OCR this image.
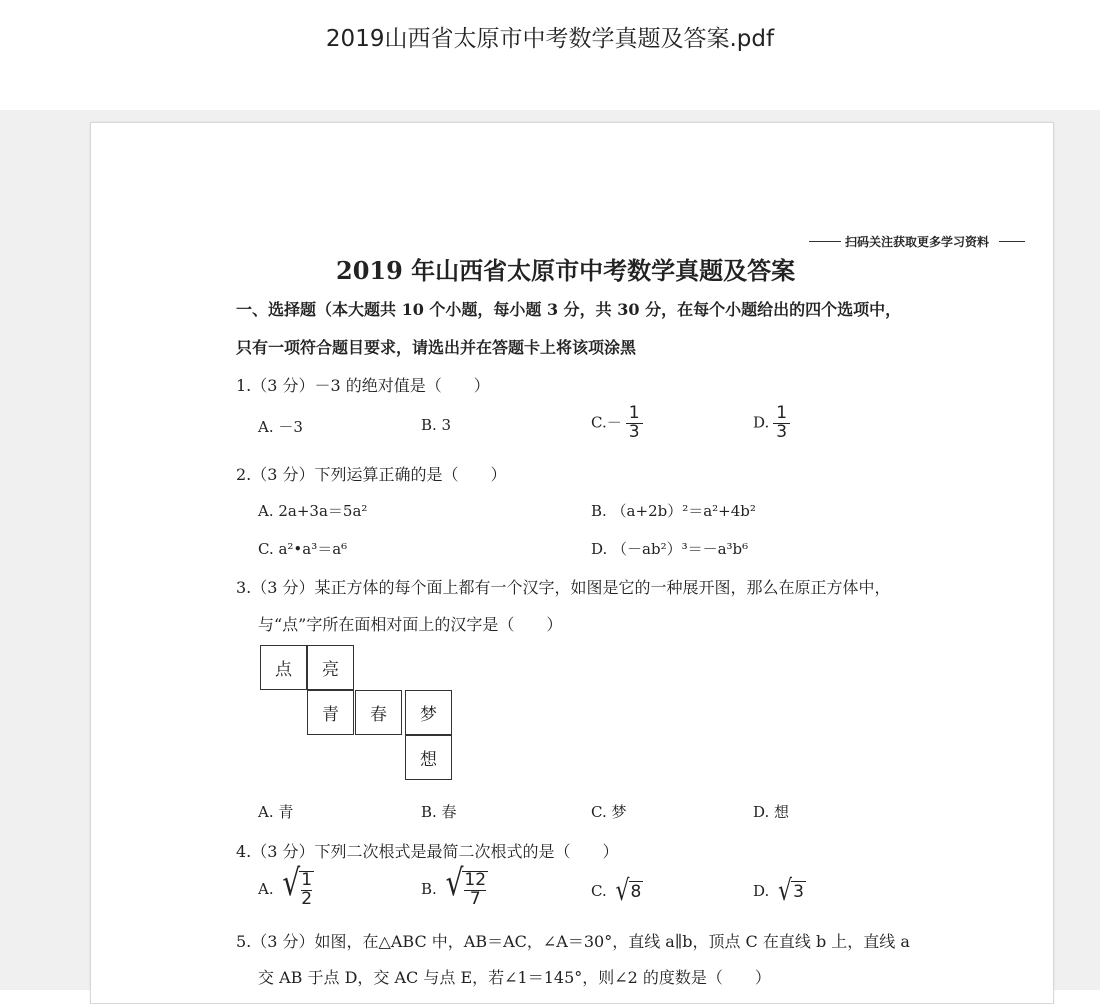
2019山西省太原市中考数学真题及答案.pdf
扫码关注获取更多学习资料
2019 年山西省太原市中考数学真题及答案
一、选择题（本大题共 10 个小题，每小题 3 分，共 30 分，在每个小题给出的四个选项中，
只有一项符合题目要求，请选出并在答题卡上将该项涂黑
1.（3 分）－3 的绝对值是（　　）
A. －3	B. 3	$C.- \frac{1}{3}$	D. $\frac{1}{3}$
2.（3 分）下列运算正确的是（　　）
A. 2a+3a＝5a²	B. （a+2b）²＝a²+4b²
C. a²•a³＝a⁶	D. （－ab²）³＝－a³b⁶
3.（3 分）某正方体的每个面上都有一个汉字，如图是它的一种展开图，那么在原正方体中，
与“点”字所在面相对面上的汉字是（　　）
点	亮
青	春	梦
想
A. 青	B. 春	C. 梦	D. 想
4.（3 分）下列二次根式是最简二次根式的是（　　）
A. √ $\frac{1}{2}$	B. √ $\frac{12}{7}$	C. √ 8	D. √ 3
5.（3 分）如图，在△ABC 中，AB＝AC，∠A＝30°，直线 a∥b，顶点 C 在直线 b 上，直线 a
交 AB 于点 D，交 AC 与点 E，若∠1＝145°，则∠2 的度数是（　　）
